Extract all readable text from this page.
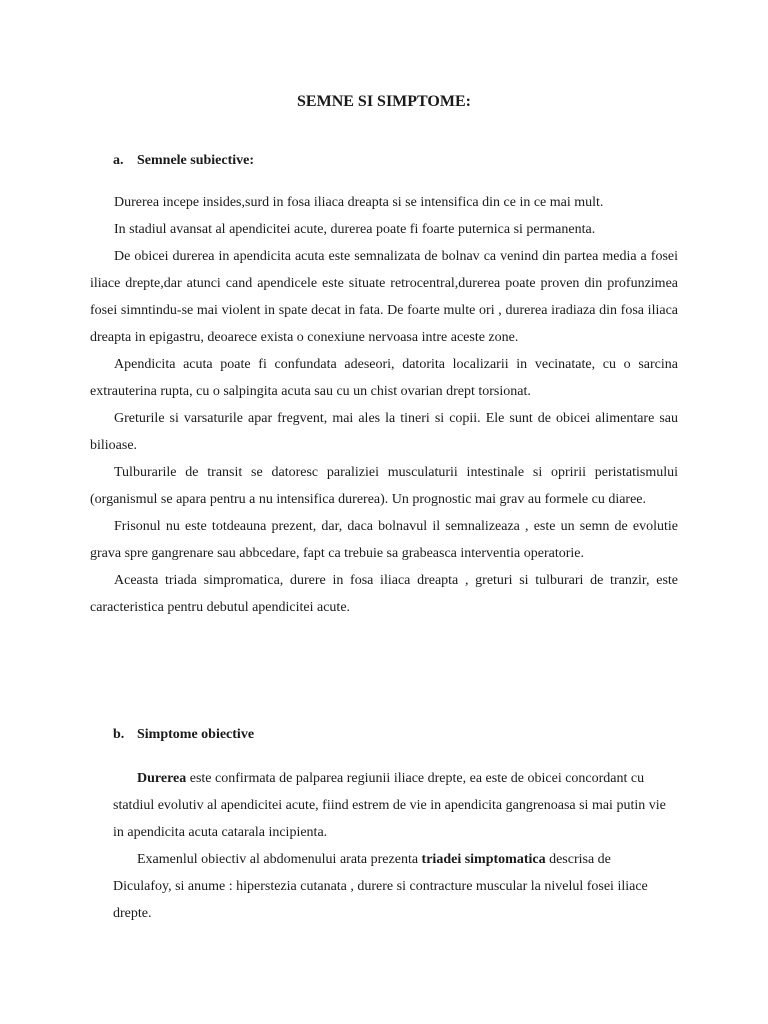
SEMNE SI SIMPTOME:
a. Semnele subiective:

Durerea incepe insides,surd in fosa iliaca dreapta si se intensifica din ce in ce mai mult.

In stadiul avansat al apendicitei acute, durerea poate fi foarte puternica si permanenta.

De obicei durerea in apendicita acuta este semnalizata de bolnav ca venind din partea media a fosei iliace drepte,dar atunci cand apendicele este situate retrocentral,durerea poate proven din profunzimea fosei simntindu-se mai violent in spate decat in fata. De foarte multe ori , durerea iradiaza din fosa iliaca dreapta in epigastru, deoarece exista o conexiune nervoasa intre aceste zone.

Apendicita acuta poate fi confundata adeseori, datorita localizarii in vecinatate, cu o sarcina extrauterina rupta, cu o salpingita acuta sau cu un chist ovarian drept torsionat.

Greturile si varsaturile apar fregvent, mai ales la tineri si copii. Ele sunt de obicei alimentare sau bilioase.

Tulburarile de transit se datoresc paraliziei musculaturii intestinale si opririi peristatismului (organismul se apara pentru a nu intensifica durerea). Un prognostic mai grav au formele cu diaree.

Frisonul nu este totdeauna prezent, dar, daca bolnavul il semnalizeaza , este un semn de evolutie grava spre gangrenare sau abbcedare, fapt ca trebuie sa grabeasca interventia operatorie.

Aceasta triada simpromatica, durere in fosa iliaca dreapta , greturi si tulburari de tranzir, este caracteristica pentru debutul apendicitei acute.

b. Simptome obiective

Durerea este confirmata de palparea regiunii iliace drepte, ea este de obicei concordant cu statdiul evolutiv al apendicitei acute, fiind estrem de vie in apendicita gangrenoasa si mai putin vie in apendicita acuta catarala incipienta.

Examenlul obiectiv al abdomenului arata prezenta triadei simptomatica descrisa de Diculafoy, si anume : hiperstezia cutanata , durere si contracture muscular la nivelul fosei iliace drepte.
